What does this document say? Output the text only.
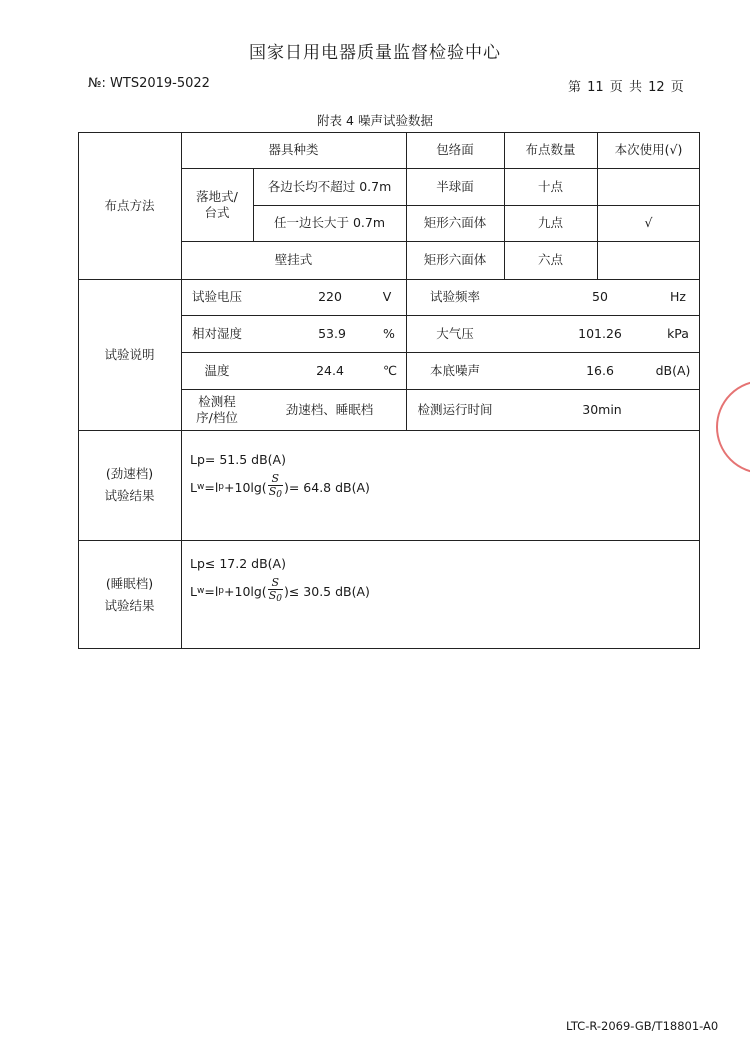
国家日用电器质量监督检验中心
№: WTS2019-5022	第 11 页 共 12 页
附表 4 噪声试验数据
布点方法
器具种类	包络面	布点数量	本次使用(√)
落地式/台式
各边长均不超过 0.7m	半球面	十点
任一边长大于 0.7m	矩形六面体	九点	√
壁挂式	矩形六面体	六点
试验说明
试验电压	220	V	试验频率	50	Hz
相对湿度	53.9	%	大气压	101.26	kPa
温度	24.4	℃	本底噪声	16.6	dB(A)
检测程序/档位
劲速档、睡眠档	检测运行时间	30min
(劲速档)
试验结果
Lp= 51.5 dB(A)
L w =l $p +10\lg( \frac{S}{S_0}$ ) = 64.8 dB(A)
(睡眠档)
试验结果
Lp≤ 17.2 dB(A)
L w =l $p +10\lg( \frac{S}{S_0}$ ) ≤ 30.5 dB(A)
LTC-R-2069-GB/T18801-A0
